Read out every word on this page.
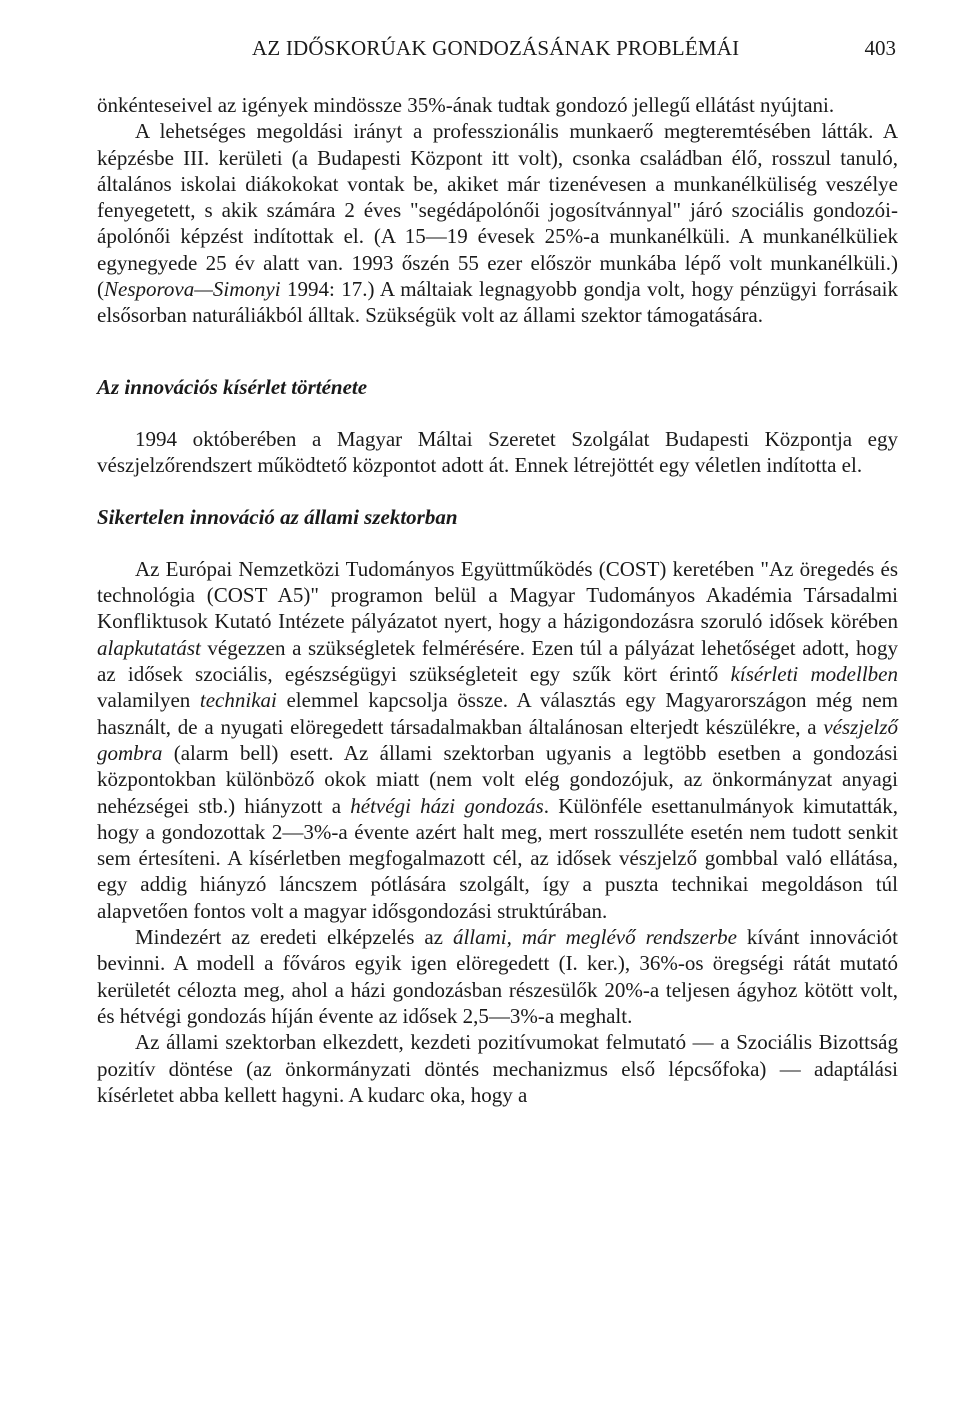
AZ IDŐSKORÚAK GONDOZÁSÁNAK PROBLÉMÁI	403

önkénteseivel az igények mindössze 35%-ának tudtak gondozó jellegű ellátást nyújtani.

A lehetséges megoldási irányt a professzionális munkaerő megteremtésében látták. A képzésbe III. kerületi (a Budapesti Központ itt volt), csonka családban élő, rosszul tanuló, általános iskolai diákokokat vontak be, akiket már tizenévesen a munkanélküliség veszélye fenyegetett, s akik számára 2 éves "segédápolónői jogosítvánnyal" járó szociális gondozói-ápolónői képzést indítottak el. (A 15—19 évesek 25%-a munkanélküli. A munkanélküliek egynegyede 25 év alatt van. 1993 őszén 55 ezer először munkába lépő volt munkanélküli.) (Nesporova—Simonyi 1994: 17.) A máltaiak legnagyobb gondja volt, hogy pénzügyi forrásaik elsősorban naturáliákból álltak. Szükségük volt az állami szektor támogatására.

Az innovációs kísérlet története

1994 októberében a Magyar Máltai Szeretet Szolgálat Budapesti Központja egy vészjelzőrendszert működtető központot adott át. Ennek létrejöttét egy véletlen indította el.

Sikertelen innováció az állami szektorban

Az Európai Nemzetközi Tudományos Együttműködés (COST) keretében "Az öregedés és technológia (COST A5)" programon belül a Magyar Tudományos Akadémia Társadalmi Konfliktusok Kutató Intézete pályázatot nyert, hogy a házigondozásra szoruló idősek körében alapkutatást végezzen a szükségletek felmérésére. Ezen túl a pályázat lehetőséget adott, hogy az idősek szociális, egészségügyi szükségleteit egy szűk kört érintő kísérleti modellben valamilyen technikai elemmel kapcsolja össze. A választás egy Magyarországon még nem használt, de a nyugati elöregedett társadalmakban általánosan elterjedt készülékre, a vészjelző gombra (alarm bell) esett. Az állami szektorban ugyanis a legtöbb esetben a gondozási központokban különböző okok miatt (nem volt elég gondozójuk, az önkormányzat anyagi nehézségei stb.) hiányzott a hétvégi házi gondozás. Különféle esettanulmányok kimutatták, hogy a gondozottak 2—3%-a évente azért halt meg, mert rosszulléte esetén nem tudott senkit sem értesíteni. A kísérletben megfogalmazott cél, az idősek vészjelző gombbal való ellátása, egy addig hiányzó láncszem pótlására szolgált, így a puszta technikai megoldáson túl alapvetően fontos volt a magyar idősgondozási struktúrában.

Mindezért az eredeti elképzelés az állami, már meglévő rendszerbe kívánt innovációt bevinni. A modell a főváros egyik igen elöregedett (I. ker.), 36%-os öregségi rátát mutató kerületét célozta meg, ahol a házi gondozásban részesülők 20%-a teljesen ágyhoz kötött volt, és hétvégi gondozás híján évente az idősek 2,5—3%-a meghalt.

Az állami szektorban elkezdett, kezdeti pozitívumokat felmutató — a Szociális Bizottság pozitív döntése (az önkormányzati döntés mechanizmus első lépcsőfoka) — adaptálási kísérletet abba kellett hagyni. A kudarc oka, hogy a
